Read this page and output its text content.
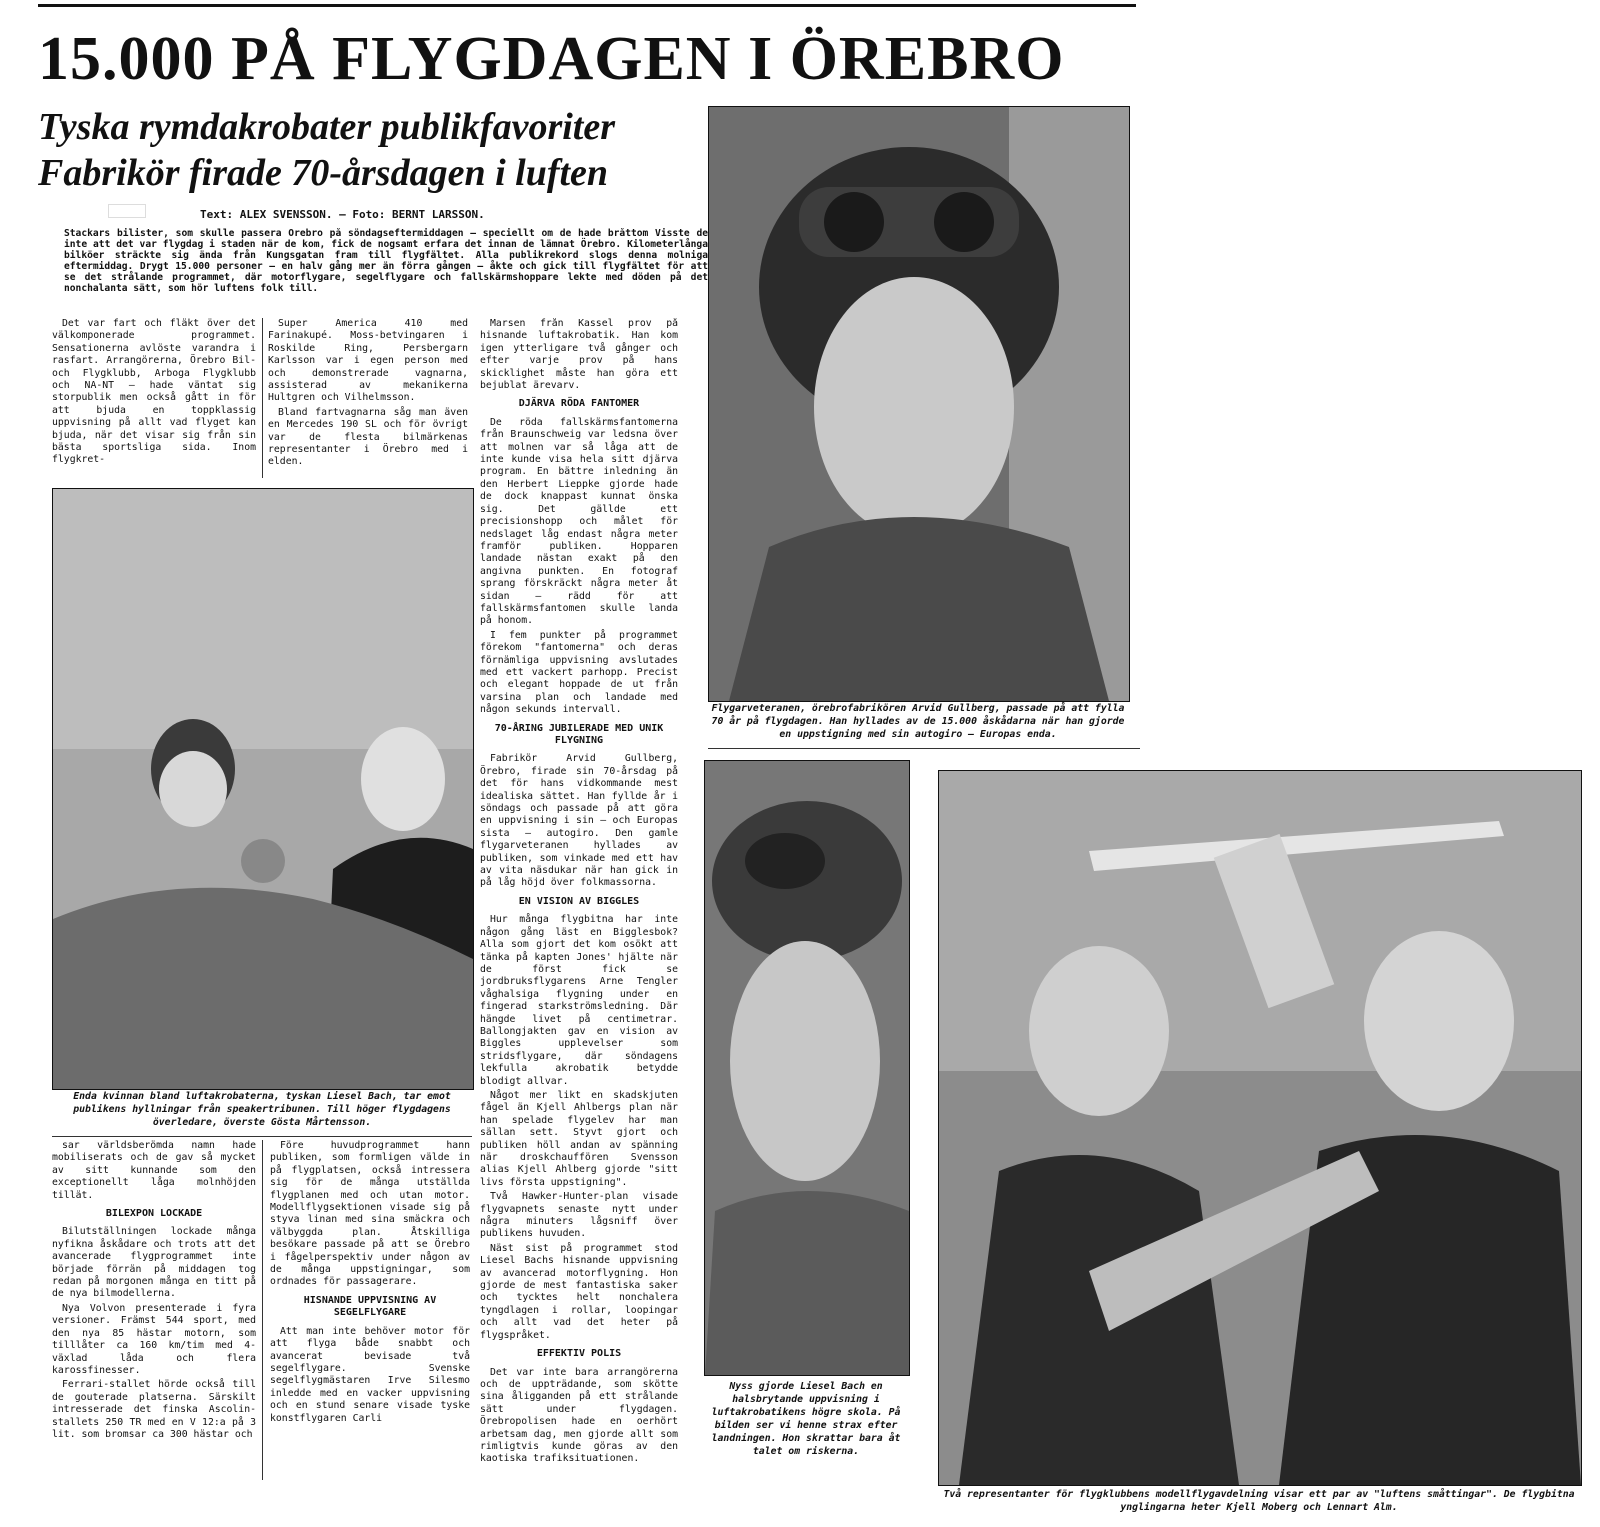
15.000 PÅ FLYGDAGEN I ÖREBRO
Tyska rymdakrobater publikfavoriter
Fabrikör firade 70-årsdagen i luften
Text: ALEX SVENSSON. — Foto: BERNT LARSSON.
Stackars bilister, som skulle passera Örebro på söndagseftermiddagen — speciellt om de hade bråttom Visste de inte att det var flygdag i staden när de kom, fick de nogsamt erfara det innan de lämnat Örebro. Kilometerlånga bilköer sträckte sig ända från Kungsgatan fram till flygfältet. Alla publikrekord slogs denna molniga eftermiddag. Drygt 15.000 personer — en halv gång mer än förra gången — åkte och gick till flygfältet för att se det strålande programmet, där motorflygare, segelflygare och fallskärmshoppare lekte med döden på det nonchalanta sätt, som hör luftens folk till.

Det var fart och fläkt över det välkomponerade programmet. Sensationerna avlöste varandra i rasfart. Arrangörerna, Örebro Bil- och Flygklubb, Arboga Flygklubb och NA-NT — hade väntat sig storpublik men också gått in för att bjuda en toppklassig uppvisning på allt vad flyget kan bjuda, när det visar sig från sin bästa sportsliga sida. Inom flygkret-

Super America 410 med Farinakupé. Moss-betvingaren i Roskilde Ring, Persbergarn Karlsson var i egen person med och demonstrerade vagnarna, assisterad av mekanikerna Hultgren och Vilhelmsson.

Bland fartvagnarna såg man även en Mercedes 190 SL och för övrigt var de flesta bilmärkenas representanter i Örebro med i elden.

Marsen från Kassel prov på hisnande luftakrobatik. Han kom igen ytterligare två gånger och efter varje prov på hans skicklighet måste han göra ett bejublat ärevarv.

DJÄRVA RÖDA FANTOMER

De röda fallskärmsfantomerna från Braunschweig var ledsna över att molnen var så låga att de inte kunde visa hela sitt djärva program. En bättre inledning än den Herbert Lieppke gjorde hade de dock knappast kunnat önska sig. Det gällde ett precisionshopp och målet för nedslaget låg endast några meter framför publiken. Hopparen landade nästan exakt på den angivna punkten. En fotograf sprang förskräckt några meter åt sidan — rädd för att fallskärmsfantomen skulle landa på honom.

I fem punkter på programmet förekom "fantomerna" och deras förnämliga uppvisning avslutades med ett vackert parhopp. Precist och elegant hoppade de ut från varsina plan och landade med någon sekunds intervall.

70-ÅRING JUBILERADE MED UNIK FLYGNING

Fabrikör Arvid Gullberg, Örebro, firade sin 70-årsdag på det för hans vidkommande mest idealiska sättet. Han fyllde år i söndags och passade på att göra en uppvisning i sin — och Europas sista — autogiro. Den gamle flygarveteranen hyllades av publiken, som vinkade med ett hav av vita näsdukar när han gick in på låg höjd över folkmassorna.

EN VISION AV BIGGLES

Hur många flygbitna har inte någon gång läst en Bigglesbok? Alla som gjort det kom osökt att tänka på kapten Jones' hjälte när de först fick se jordbruksflygarens Arne Tengler våghalsiga flygning under en fingerad starkströmsledning. Där hängde livet på centimetrar. Ballongjakten gav en vision av Biggles upplevelser som stridsflygare, där söndagens lekfulla akrobatik betydde blodigt allvar.

Något mer likt en skadskjuten fågel än Kjell Ahlbergs plan när han spelade flygelev har man sällan sett. Styvt gjort och publiken höll andan av spänning när droskchauffören Svensson alias Kjell Ahlberg gjorde "sitt livs första uppstigning".

Två Hawker-Hunter-plan visade flygvapnets senaste nytt under några minuters lågsniff över publikens huvuden.

Näst sist på programmet stod Liesel Bachs hisnande uppvisning av avancerad motorflygning. Hon gjorde de mest fantastiska saker och tycktes helt nonchalera tyngdlagen i rollar, loopingar och allt vad det heter på flygspråket.

EFFEKTIV POLIS

Det var inte bara arrangörerna och de uppträdande, som skötte sina åligganden på ett strålande sätt under flygdagen. Örebropolisen hade en oerhört arbetsam dag, men gjorde allt som rimligtvis kunde göras av den kaotiska trafiksituationen.

Enda kvinnan bland luftakrobaterna, tyskan Liesel Bach, tar emot publikens hyllningar från speakertribunen. Till höger flygdagens överledare, överste Gösta Mårtensson.

sar världsberömda namn hade mobiliserats och de gav så mycket av sitt kunnande som den exceptionellt låga molnhöjden tillät.

BILEXPON LOCKADE

Bilutställningen lockade många nyfikna åskådare och trots att det avancerade flygprogrammet inte började förrän på middagen tog redan på morgonen många en titt på de nya bilmodellerna.

Nya Volvon presenterade i fyra versioner. Främst 544 sport, med den nya 85 hästar motorn, som tilllåter ca 160 km/tim med 4-växlad låda och flera karossfinesser.

Ferrari-stallet hörde också till de gouterade platserna. Särskilt intresserade det finska Ascolin-stallets 250 TR med en V 12:a på 3 lit. som bromsar ca 300 hästar och

Före huvudprogrammet hann publiken, som formligen välde in på flygplatsen, också intressera sig för de många utställda flygplanen med och utan motor. Modellflygsektionen visade sig på styva linan med sina smäckra och välbyggda plan. Åtskilliga besökare passade på att se Örebro i fågelperspektiv under någon av de många uppstigningar, som ordnades för passagerare.

HISNANDE UPPVISNING AV SEGELFLYGARE

Att man inte behöver motor för att flyga både snabbt och avancerat bevisade två segelflygare. Svenske segelflygmästaren Irve Silesmo inledde med en vacker uppvisning och en stund senare visade tyske konstflygaren Carli

Flygarveteranen, örebrofabrikören Arvid Gullberg, passade på att fylla 70 år på flygdagen. Han hyllades av de 15.000 åskådarna när han gjorde en uppstigning med sin autogiro — Europas enda.
Nyss gjorde Liesel Bach en halsbrytande uppvisning i luftakrobatikens högre skola. På bilden ser vi henne strax efter landningen. Hon skrattar bara åt talet om riskerna.
Två representanter för flygklubbens modellflygavdelning visar ett par av "luftens småttingar". De flygbitna ynglingarna heter Kjell Moberg och Lennart Alm.
